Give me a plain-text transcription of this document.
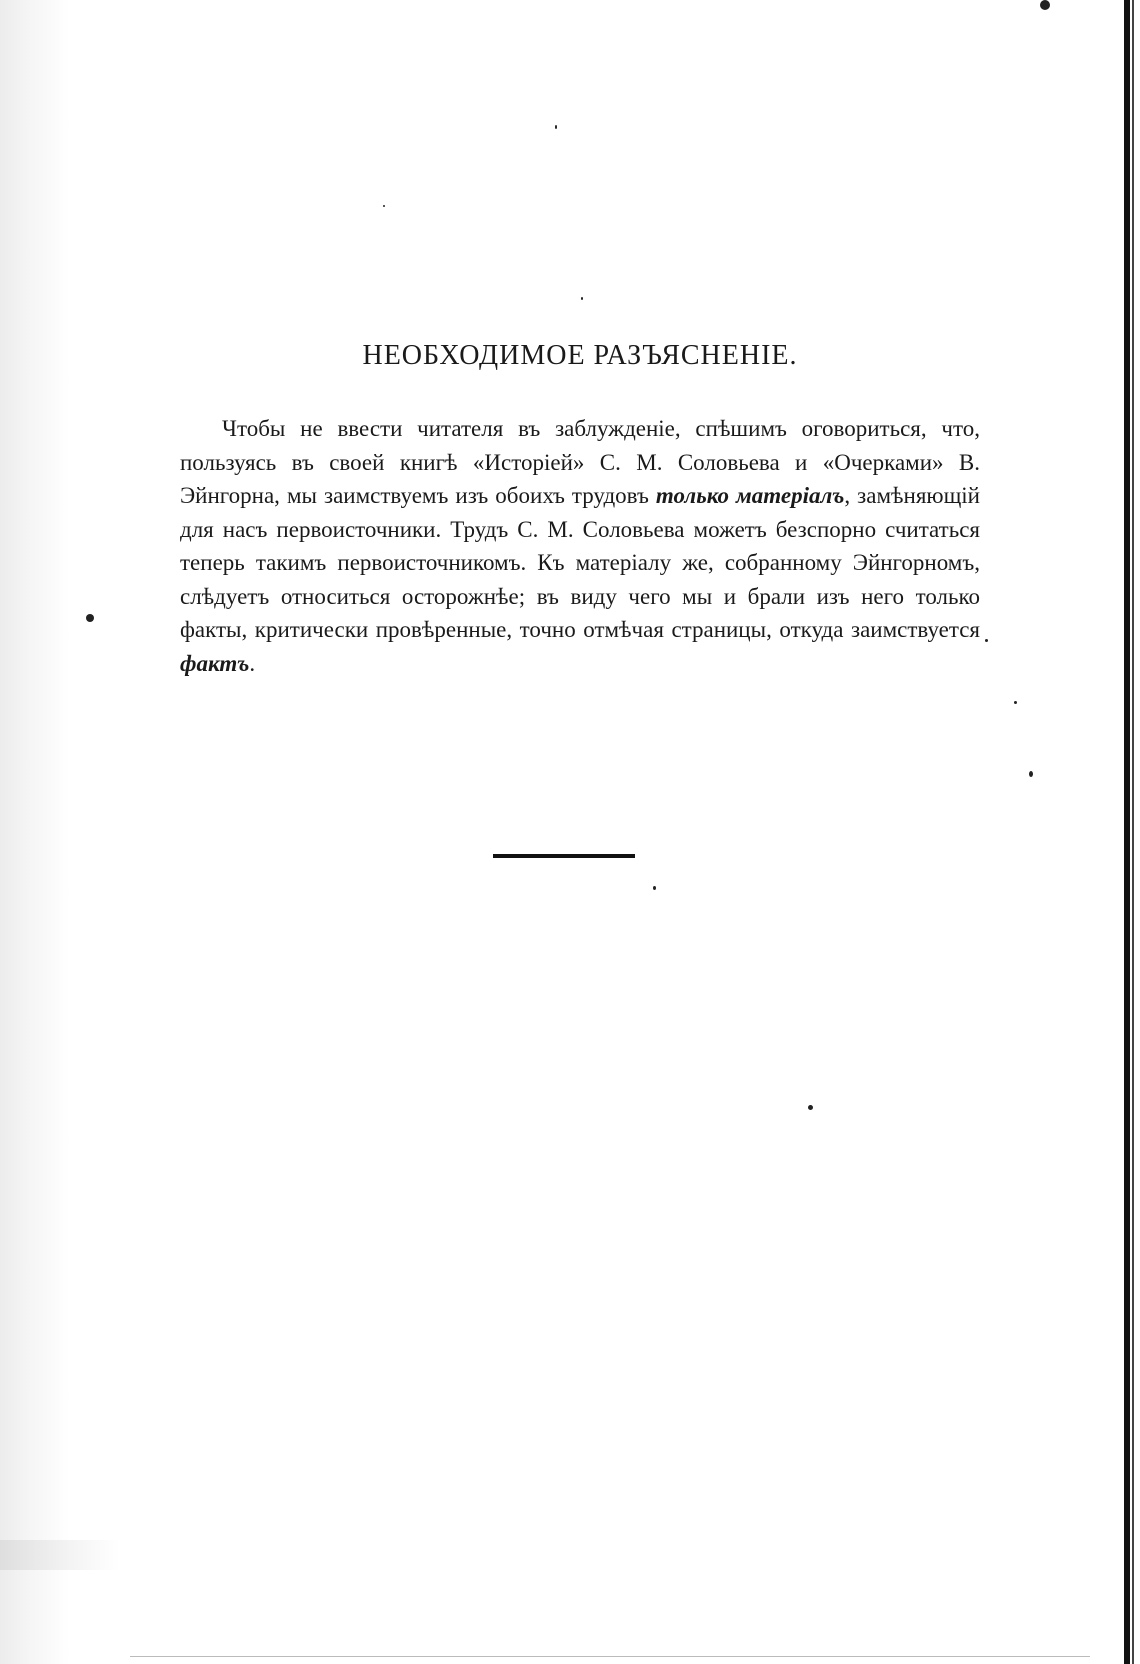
НЕОБХОДИМОЕ РАЗЪЯСНЕНІЕ.

Чтобы не ввести читателя въ заблужденіе, спѣшимъ оговориться, что, пользуясь въ своей книгѣ «Исторіей» С. М. Соловьева и «Очерками» В. Эйнгорна, мы заимствуемъ изъ обоихъ трудовъ только матеріалъ, замѣняющій для насъ первоисточники. Трудъ С. М. Соловьева можетъ безспорно считаться теперь такимъ первоисточникомъ. Къ матеріалу же, собранному Эйнгорномъ, слѣдуетъ относиться осторожнѣе; въ виду чего мы и брали изъ него только факты, критически провѣренные, точно отмѣчая страницы, откуда заимствуется фактъ.
